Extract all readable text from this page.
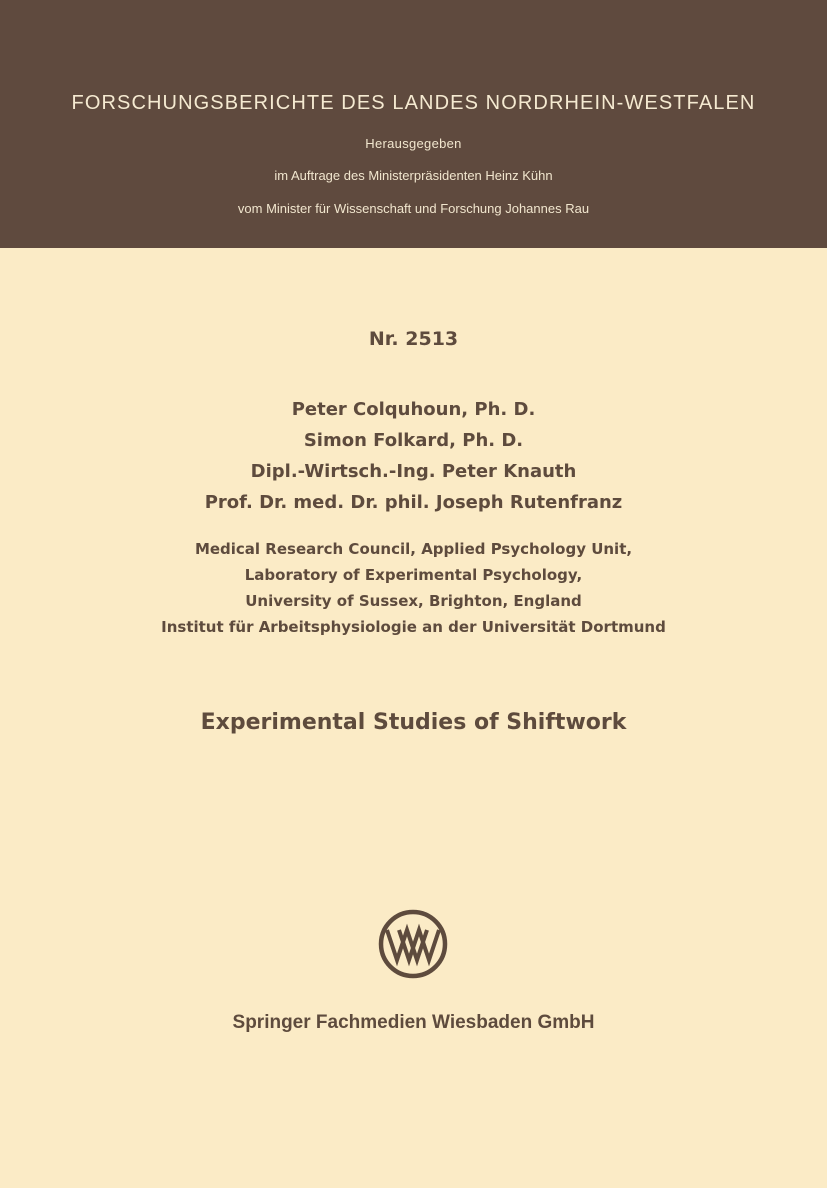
FORSCHUNGSBERICHTE DES LANDES NORDRHEIN-WESTFALEN
Herausgegeben
im Auftrage des Ministerpräsidenten Heinz Kühn
vom Minister für Wissenschaft und Forschung Johannes Rau
Nr. 2513
Peter Colquhoun, Ph. D.
Simon Folkard, Ph. D.
Dipl.-Wirtsch.-Ing. Peter Knauth
Prof. Dr. med. Dr. phil. Joseph Rutenfranz
Medical Research Council, Applied Psychology Unit,
Laboratory of Experimental Psychology,
University of Sussex, Brighton, England
Institut für Arbeitsphysiologie an der Universität Dortmund
Experimental Studies of Shiftwork
Springer Fachmedien Wiesbaden GmbH
